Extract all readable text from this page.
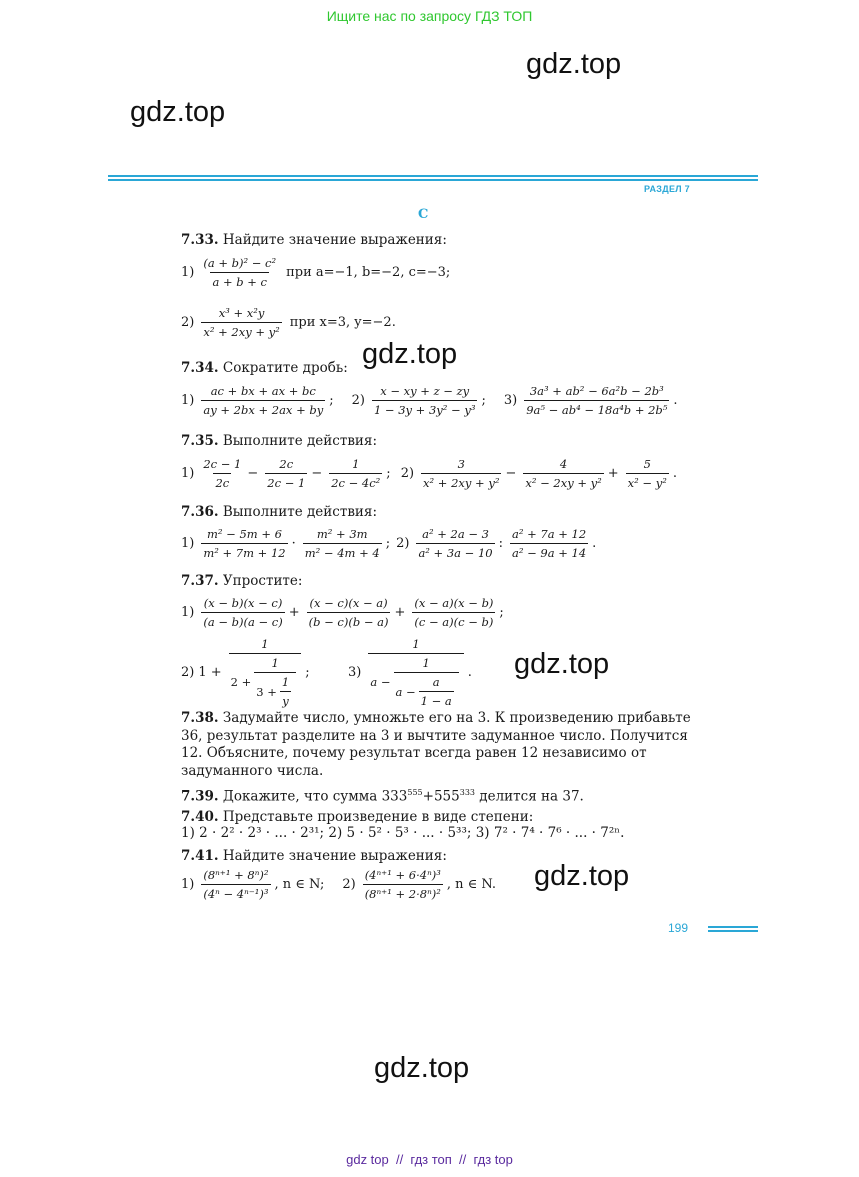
Ищите нас по запросу ГДЗ ТОП
gdz.top
gdz.top
gdz.top
gdz.top
gdz.top
gdz.top
РАЗДЕЛ 7
C
7.33. Найдите значение выражения:
$1) \frac{\text{(a + b)² − c²}}{a + b + c}$ при a=−1, b=−2, c=−3;
$2) \frac{\text{x³ + x²y}}{\text{x² + 2xy + y²}}$ при x=3, y=−2.
7.34. Сократите дробь:
$1) \frac{ac + bx + ax + bc}{ay + 2bx + 2ax + by}$ ; $2) \frac{x - xy + z - zy}{\text{1 − 3y + 3y² − y³}}$ ; $3) \frac{\text{3a³ + ab² − 6a²b − 2b³}}{\text{9a⁵ − ab⁴ − 18a⁴b + 2b⁵}}$ .
7.35. Выполните действия:
$1) \frac{2c - 1}{2c} - \frac{2c}{2c - 1} - \frac{1}{\text{2c − 4c²}}$ ; $2) \frac{3}{\text{x² + 2xy + y²}} - \frac{4}{\text{x² − 2xy + y²}} + \frac{5}{\text{x² − y²}}$ .
7.36. Выполните действия:
$1) \frac{\text{m² − 5m + 6}}{\text{m² + 7m + 12}} \cdot \frac{\text{m² + 3m}}{\text{m² − 4m + 4}}$ ; $2) \frac{\text{a² + 2a − 3}}{\text{a² + 3a − 10}}$ : $\frac{\text{a² + 7a + 12}}{\text{a² − 9a + 14}}$ .
7.37. Упростите:
$1) \frac{(x - b)(x - c)}{(a - b)(a - c)} + \frac{(x - c)(x - a)}{(b - c)(b - a)} + \frac{(x - a)(x - b)}{(c - a)(c - b)}$ ;
2) $1 + \frac{1}{2 + \frac{1}{3 + \frac{1}{y}}}$ ;	$3) \frac{1}{a - \frac{1}{a - \frac{a}{1 - a}}}$ .
7.38. Задумайте число, умножьте его на 3. К произведению прибавьте 36, результат разделите на 3 и вычтите задуманное число. Получится 12. Объясните, почему результат всегда равен 12 независимо от задуманного числа.
7.39. Докажите, что сумма $333^{555}+555^{333}$ делится на 37.
7.40. Представьте произведение в виде степени:
1) 2 · 2² · 2³ · ... · 2³¹; 2) 5 · 5² · 5³ · ... · 5³³; 3) 7² · 7⁴ · 7⁶ · ... · 7²ⁿ.
7.41. Найдите значение выражения:
$1) \frac{\text{(8ⁿ⁺¹ + 8ⁿ)²}}{\text{(4ⁿ − 4ⁿ⁻¹)³}}$ , n ∈ N; $2) \frac{\text{(4ⁿ⁺¹ + 6·4ⁿ)³}}{\text{(8ⁿ⁺¹ + 2·8ⁿ)²}}$ , n ∈ N.
199
gdz top  //  гдз топ  //  гдз top
